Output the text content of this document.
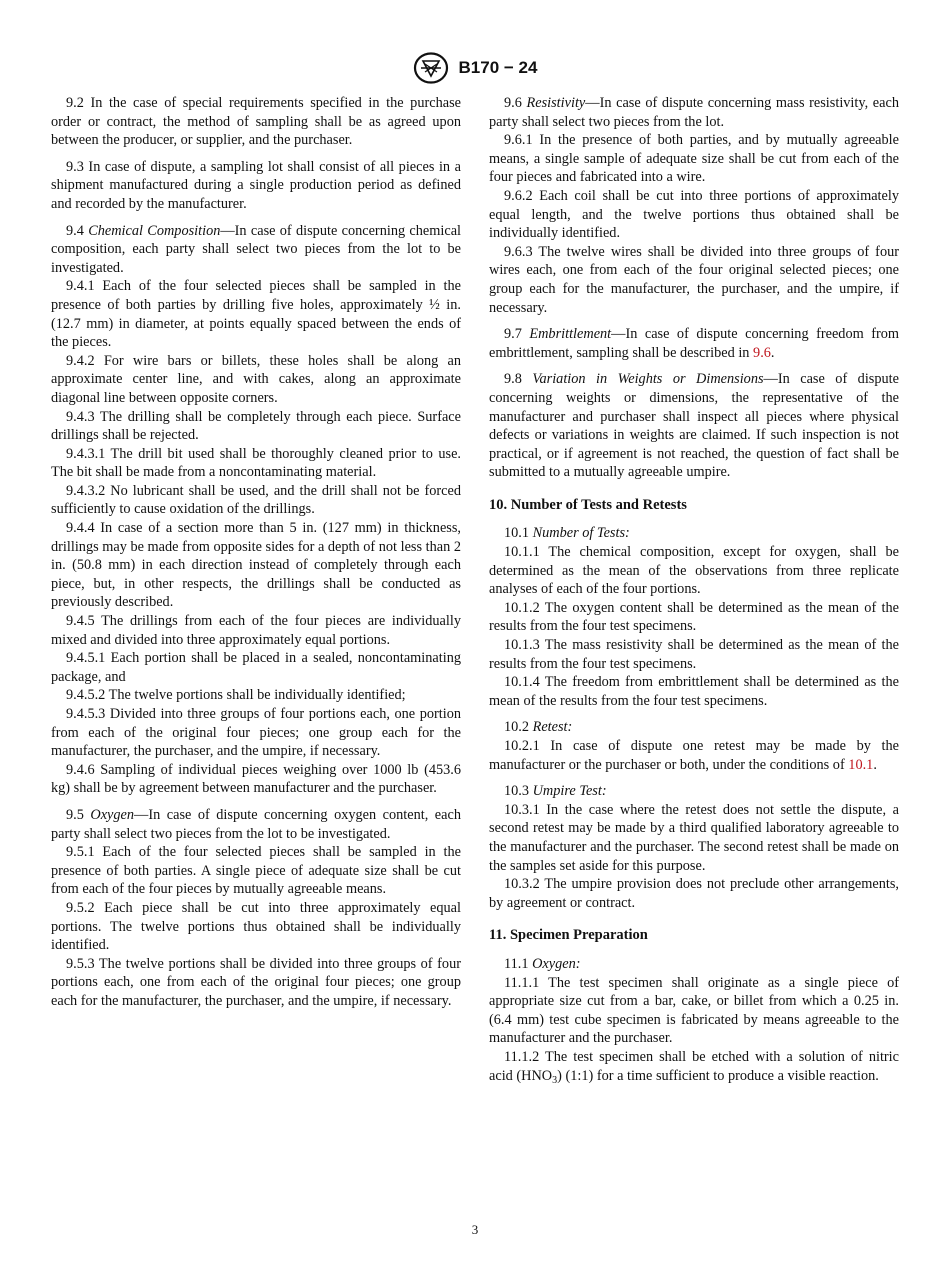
B170 − 24

9.2 In the case of special requirements specified in the purchase order or contract, the method of sampling shall be as agreed upon between the producer, or supplier, and the purchaser.

9.3 In case of dispute, a sampling lot shall consist of all pieces in a shipment manufactured during a single production period as defined and recorded by the manufacturer.

9.4 Chemical Composition—In case of dispute concerning chemical composition, each party shall select two pieces from the lot to be investigated.

9.4.1 Each of the four selected pieces shall be sampled in the presence of both parties by drilling five holes, approximately ½ in. (12.7 mm) in diameter, at points equally spaced between the ends of the pieces.

9.4.2 For wire bars or billets, these holes shall be along an approximate center line, and with cakes, along an approximate diagonal line between opposite corners.

9.4.3 The drilling shall be completely through each piece. Surface drillings shall be rejected.

9.4.3.1 The drill bit used shall be thoroughly cleaned prior to use. The bit shall be made from a noncontaminating material.

9.4.3.2 No lubricant shall be used, and the drill shall not be forced sufficiently to cause oxidation of the drillings.

9.4.4 In case of a section more than 5 in. (127 mm) in thickness, drillings may be made from opposite sides for a depth of not less than 2 in. (50.8 mm) in each direction instead of completely through each piece, but, in other respects, the drillings shall be conducted as previously described.

9.4.5 The drillings from each of the four pieces are individually mixed and divided into three approximately equal portions.

9.4.5.1 Each portion shall be placed in a sealed, noncontaminating package, and

9.4.5.2 The twelve portions shall be individually identified;

9.4.5.3 Divided into three groups of four portions each, one portion from each of the original four pieces; one group each for the manufacturer, the purchaser, and the umpire, if necessary.

9.4.6 Sampling of individual pieces weighing over 1000 lb (453.6 kg) shall be by agreement between manufacturer and the purchaser.

9.5 Oxygen—In case of dispute concerning oxygen content, each party shall select two pieces from the lot to be investigated.

9.5.1 Each of the four selected pieces shall be sampled in the presence of both parties. A single piece of adequate size shall be cut from each of the four pieces by mutually agreeable means.

9.5.2 Each piece shall be cut into three approximately equal portions. The twelve portions thus obtained shall be individually identified.

9.5.3 The twelve portions shall be divided into three groups of four portions each, one from each of the original four pieces; one group each for the manufacturer, the purchaser, and the umpire, if necessary.

9.6 Resistivity—In case of dispute concerning mass resistivity, each party shall select two pieces from the lot.

9.6.1 In the presence of both parties, and by mutually agreeable means, a single sample of adequate size shall be cut from each of the four pieces and fabricated into a wire.

9.6.2 Each coil shall be cut into three portions of approximately equal length, and the twelve portions thus obtained shall be individually identified.

9.6.3 The twelve wires shall be divided into three groups of four wires each, one from each of the four original selected pieces; one group each for the manufacturer, the purchaser, and the umpire, if necessary.

9.7 Embrittlement—In case of dispute concerning freedom from embrittlement, sampling shall be described in 9.6.

9.8 Variation in Weights or Dimensions—In case of dispute concerning weights or dimensions, the representative of the manufacturer and purchaser shall inspect all pieces where physical defects or variations in weights are claimed. If such inspection is not practical, or if agreement is not reached, the question of fact shall be submitted to a mutually agreeable umpire.

10. Number of Tests and Retests

10.1 Number of Tests:

10.1.1 The chemical composition, except for oxygen, shall be determined as the mean of the observations from three replicate analyses of each of the four portions.

10.1.2 The oxygen content shall be determined as the mean of the results from the four test specimens.

10.1.3 The mass resistivity shall be determined as the mean of the results from the four test specimens.

10.1.4 The freedom from embrittlement shall be determined as the mean of the results from the four test specimens.

10.2 Retest:

10.2.1 In case of dispute one retest may be made by the manufacturer or the purchaser or both, under the conditions of 10.1.

10.3 Umpire Test:

10.3.1 In the case where the retest does not settle the dispute, a second retest may be made by a third qualified laboratory agreeable to the manufacturer and the purchaser. The second retest shall be made on the samples set aside for this purpose.

10.3.2 The umpire provision does not preclude other arrangements, by agreement or contract.

11. Specimen Preparation

11.1 Oxygen:

11.1.1 The test specimen shall originate as a single piece of appropriate size cut from a bar, cake, or billet from which a 0.25 in. (6.4 mm) test cube specimen is fabricated by means agreeable to the manufacturer and the purchaser.

11.1.2 The test specimen shall be etched with a solution of nitric acid $(HNO_3)$ (1:1) for a time sufficient to produce a visible reaction.

3
